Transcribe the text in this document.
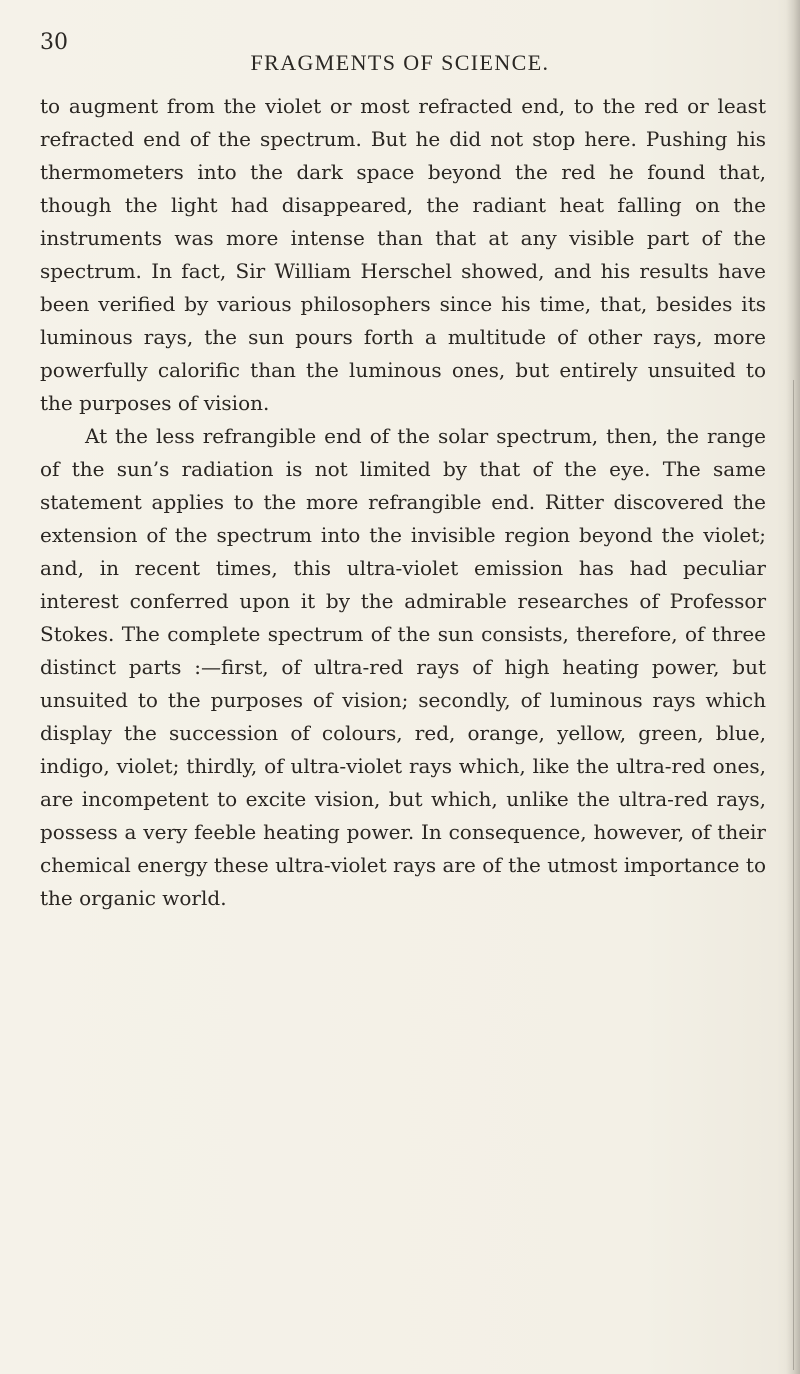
30
FRAGMENTS OF SCIENCE.

to augment from the violet or most refracted end, to the red or least refracted end of the spectrum. But he did not stop here. Pushing his thermometers into the dark space beyond the red he found that, though the light had disappeared, the radiant heat falling on the instruments was more intense than that at any visible part of the spectrum. In fact, Sir William Herschel showed, and his results have been verified by various philosophers since his time, that, besides its luminous rays, the sun pours forth a multitude of other rays, more powerfully calorific than the luminous ones, but entirely unsuited to the purposes of vision.

At the less refrangible end of the solar spectrum, then, the range of the sun’s radiation is not limited by that of the eye. The same statement applies to the more refrangible end. Ritter discovered the extension of the spectrum into the invisible region beyond the violet; and, in recent times, this ultra-violet emission has had peculiar interest conferred upon it by the admirable researches of Professor Stokes. The complete spectrum of the sun consists, therefore, of three distinct parts :—first, of ultra-red rays of high heating power, but unsuited to the purposes of vision; secondly, of luminous rays which display the succession of colours, red, orange, yellow, green, blue, indigo, violet; thirdly, of ultra-violet rays which, like the ultra-red ones, are incompetent to excite vision, but which, unlike the ultra-red rays, possess a very feeble heating power. In consequence, however, of their chemical energy these ultra-violet rays are of the utmost importance to the organic world.
